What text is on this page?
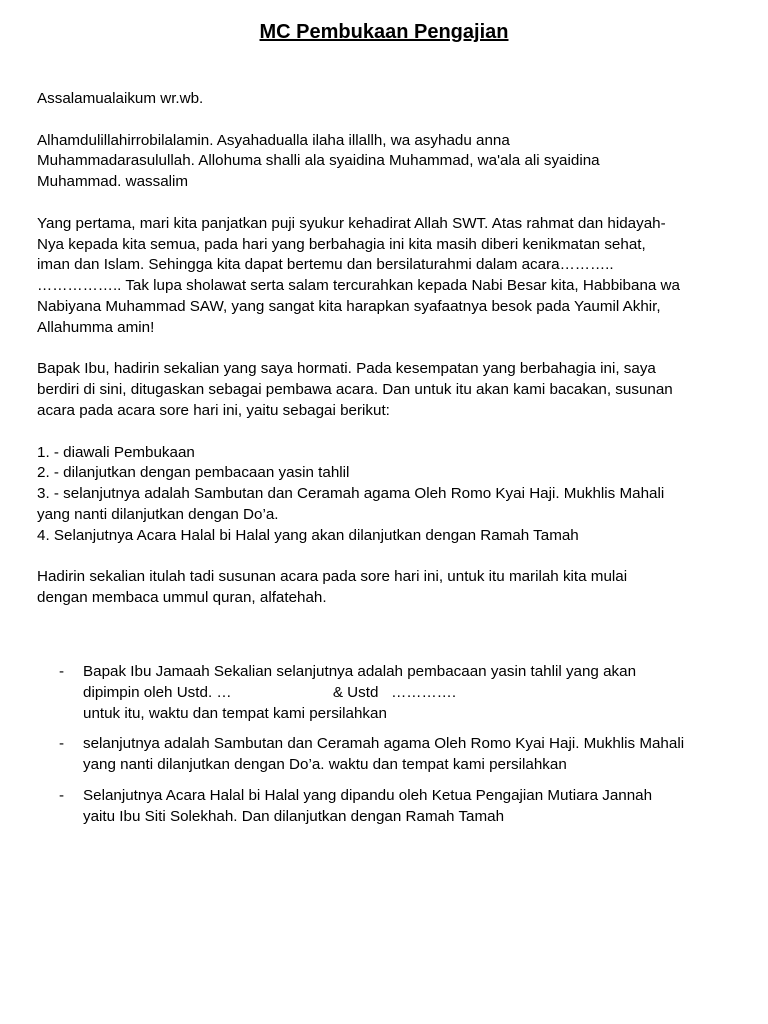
MC Pembukaan Pengajian

Assalamualaikum wr.wb.

Alhamdulillahirrobilalamin. Asyahadualla ilaha illallh, wa asyhadu anna
Muhammadarasulullah. Allohuma shalli ala syaidina Muhammad, wa'ala ali syaidina
Muhammad. wassalim

Yang pertama, mari kita panjatkan puji syukur kehadirat Allah SWT. Atas rahmat dan hidayah-
Nya kepada kita semua, pada hari yang berbahagia ini kita masih diberi kenikmatan sehat,
iman dan Islam. Sehingga kita dapat bertemu dan bersilaturahmi dalam acara………..
…………….. Tak lupa sholawat serta salam tercurahkan kepada Nabi Besar kita, Habbibana wa
Nabiyana Muhammad SAW, yang sangat kita harapkan syafaatnya besok pada Yaumil Akhir,
Allahumma amin!

Bapak Ibu, hadirin sekalian yang saya hormati. Pada kesempatan yang berbahagia ini, saya
berdiri di sini, ditugaskan sebagai pembawa acara. Dan untuk itu akan kami bacakan, susunan
acara pada acara sore hari ini, yaitu sebagai berikut:

1. - diawali Pembukaan
2. - dilanjutkan dengan pembacaan yasin tahlil
3. - selanjutnya adalah Sambutan dan Ceramah agama Oleh Romo Kyai Haji. Mukhlis Mahali
yang nanti dilanjutkan dengan Do’a.
4. Selanjutnya Acara Halal bi Halal yang akan dilanjutkan dengan Ramah Tamah

Hadirin sekalian itulah tadi susunan acara pada sore hari ini, untuk itu marilah kita mulai
dengan membaca ummul quran, alfatehah.

- Bapak Ibu Jamaah Sekalian selanjutnya adalah pembacaan yasin tahlil yang akan
dipimpin oleh Ustd. …                        & Ustd   ………….
untuk itu, waktu dan tempat kami persilahkan
- selanjutnya adalah Sambutan dan Ceramah agama Oleh Romo Kyai Haji. Mukhlis Mahali
yang nanti dilanjutkan dengan Do’a. waktu dan tempat kami persilahkan
- Selanjutnya Acara Halal bi Halal yang dipandu oleh Ketua Pengajian Mutiara Jannah
yaitu Ibu Siti Solekhah. Dan dilanjutkan dengan Ramah Tamah
